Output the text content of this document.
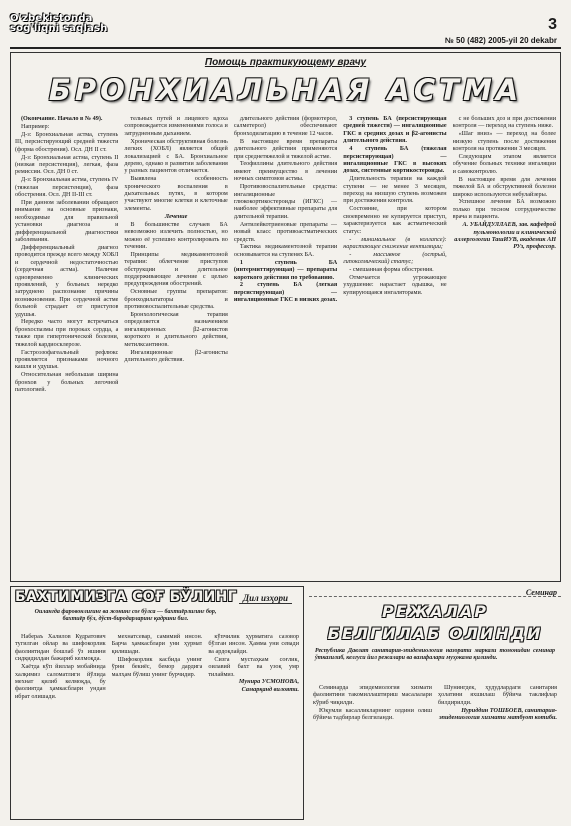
O'zbekistonda
sog'liqni saqlash	3
№ 50 (482) 2005-yil 20 dekabr
Помощь практикующему врачу
БРОНХИАЛЬНАЯ АСТМА

(Окончание. Начало в № 49).

Например:

Д-з: Бронхиальная астма, ступень III, персистирующий средней тяжести (форма обострения). Осл. ДН II ст.

Д-з: Бронхиальная астма, ступень II (низкая персистенция), легкая, фаза ремиссии. Осл. ДН 0 ст.

Д-з: Бронхиальная астма, ступень IV (тяжелая персистенция), фаза обострения. Осл. ДН II-III ст.

При данном заболевании обращают внимание на основные признаки, необходимые для правильной установки диагноза и дифференциальной диагностики заболевания.

Дифференциальный диагноз проводится прежде всего между ХОБЛ и сердечной недостаточностью (сердечная астма). Наличие одновременно клинических проявлений, у больных нередко затруднено распознание причины возникновения. При сердечной астме больной страдает от приступов удушья.

Нередко часто могут встречаться бронхоспазмы при пороках сердца, а также при гипертонической болезни, тяжелой кардиосклерозе.

Гастроэзофагеальный рефлюкс проявляется признаками ночного кашля и удушья.

Относительная небольшая ширина бронхов у больных легочной патологией.

тельных путей и лицевого вдоха сопровождается изменениями голоса и затрудненным дыханием.

Хроническая обструктивная болезнь легких (ХОБЛ) является общей локализацией с БА. Бронхиальное дерево, однако в развитии заболевания у разных пациентов отличается.

Выявлена особенность хронического воспаления в дыхательных путях, в котором участвуют многие клетки и клеточные элементы.

Лечение

В большинстве случаев БА невозможно излечить полностью, но можно её успешно контролировать во течении.

Принципы медикаментозной терапии: облегчение приступов обструкции и длительное поддерживающее лечение с целью предупреждения обострений.

Основные группы препаратов: бронходилататоры и противовоспалительные средства.

Бронхологическая терапия определяется назначением ингаляционных β2-агонистов короткого и длительного действия, метилксантинов.

Ингаляционные β2-агонисты длительного действия.

длительного действия (формотерол, салметерол) обеспечивают бронходилатацию в течение 12 часов.

В настоящее время препараты длительного действия применяются при среднетяжелой и тяжелой астме.

Теофиллины длительного действия имеют преимущество в лечении ночных симптомов астмы.

Противовоспалительные средства: ингаляционные глюкокортикостероиды (ИГКС) — наиболее эффективные препараты для длительной терапии.

Антилейкотриеновые препараты — новый класс противоастматических средств.

Тактика медикаментозной терапии основывается на ступенях БА.

1 ступень БА (интермиттирующая) — препараты короткого действия по требованию.

2 ступень БА (легкая персистирующая) — ингаляционные ГКС в низких дозах.

3 ступень БА (персистирующая средней тяжести) — ингаляционные ГКС в средних дозах и β2-агонисты длительного действия.

4 ступень БА (тяжелая персистирующая) — ингаляционные ГКС в высоких дозах, системные кортикостероиды.

Длительность терапии на каждой ступени — не менее 3 месяцев, переход на низшую ступень возможен при достижении контроля.

Состояние, при котором своевременно не купируется приступ, характеризуется как астматический статус:

- минимальное (в коллапсе): нарастающее снижение вентиляции;

- массивное (острый, гипоксемический) статус;

- смешанная форма обострения.

Отмечается угрожающее ухудшение: нарастает одышка, не купирующаяся ингаляторами.

с не больших доз и при достижении контроля — переход на ступень ниже.

«Шаг вниз» — переход на более низкую ступень после достижения контроля на протяжении 3 месяцев.

Следующим этапом является обучение больных технике ингаляции и самоконтролю.

В настоящее время для лечения тяжелой БА и обструктивной болезни широко используются небулайзеры.

Успешное лечение БА возможно только при тесном сотрудничестве врача и пациента.

А. УБАЙДУЛЛАЕВ, зав. кафедрой пульмонологии и клинической аллергологии ТашИУВ, академик АН РУз, профессор.

БАХТИМИЗГА СОҒ БЎЛИНГ Дил изҳори
Оилангда фаровонлигинг ва жонинг соғ бўлса — бахтиёрлигинг бор, бахтиёр бўл, дўст-биродарларинг қадрини бил.

Набераъ Халилов Кудратович тугилган ойлар ва шифокорлик фаолиятидан бошлаб ўз ишини сидқидилдан бажариб келмоқда.

Хаётда кўп йиллар мобайнида халқимиз саломатлиги йўлида мехнат қилиб келмоқда, бу фаолиятда ҳамкасблари ундан ибрат олишади.

мехнатсевар, самимий инсон. Барча ҳамкасблари уни ҳурмат қилишади.

Шифокорлик касбида унинг ўрни бекиёс, бемор дардига малҳам бўлиш унинг бурчидир.

кўпчилик ҳурматига сазовор бўлган инсон. Ҳамма уни севади ва ардоқлайди.

Сизга мустаҳкам соғлик, оилавий бахт ва узоқ умр тилаймиз.

Мунира УСМОНОВА, Самарқанд вилояти.

Семинар
РЕЖАЛАР
БЕЛГИЛАБ ОЛИНДИ
Республика Давлат санитария-эпидемиология назорати маркази томонидан семинар ўтказилиб, келгуси йил режалари ва вазифалари муҳокама қилинди.

Семинарда эпидемиология хизмати фаолиятини такомиллаштириш масалалари кўриб чиқилди.

Юқумли касалликларнинг олдини олиш бўйича тадбирлар белгиланди.

Шунингдек, ҳудудлардаги санитария ҳолатини яхшилаш бўйича таклифлар билдирилди.

Нуриддин ТОШБОЕВ, санитария-эпидемиология хизмати матбуот котиби.
